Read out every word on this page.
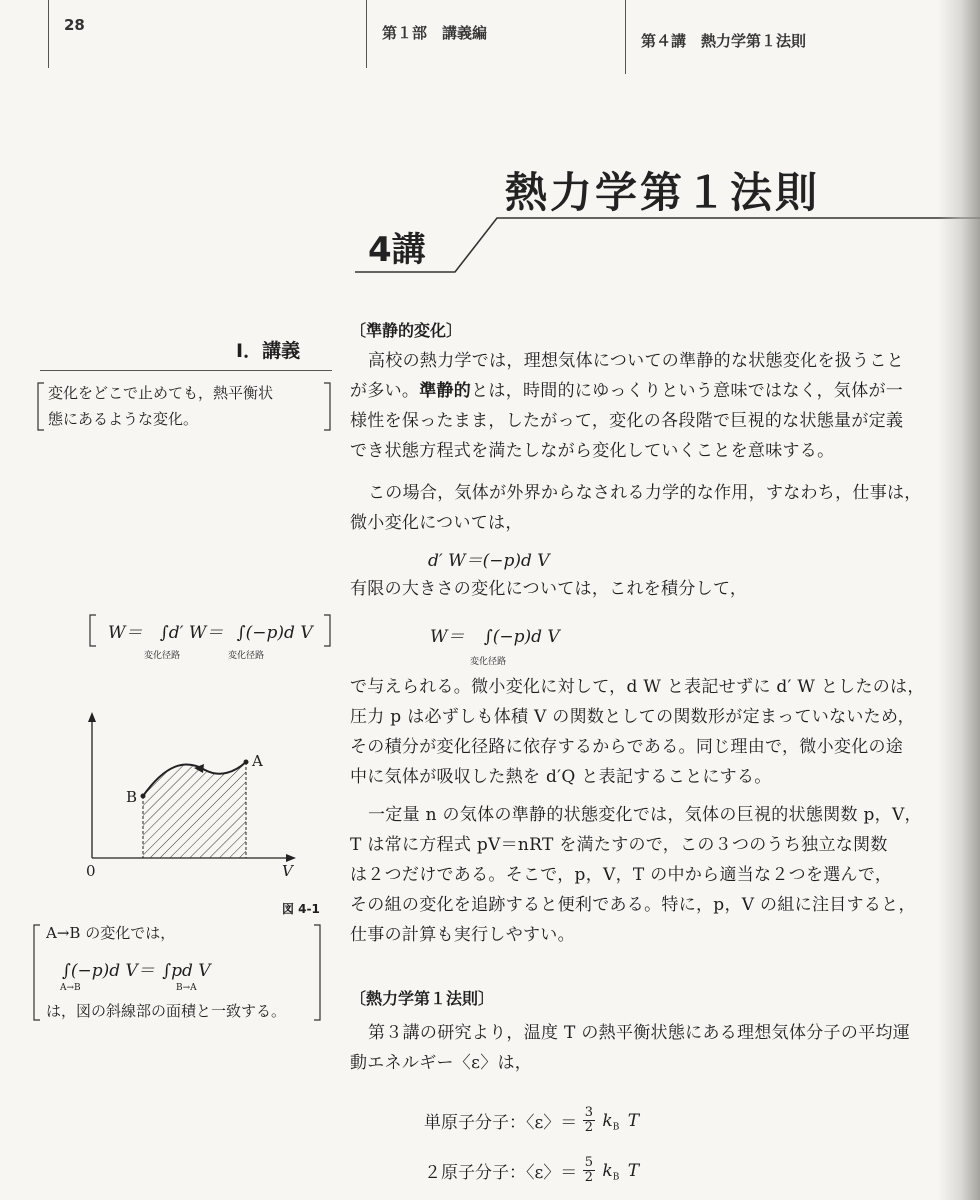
28	第１部　講義編	第４講　熱力学第１法則
熱力学第１法則
4講
Ⅰ．講義
変化をどこで止めても，熱平衡状
態にあるような変化。
W＝ ∫d′ W＝ ∫(−p)d V
変化径路	変化径路
A
B
0	V
図 4-1
A→B の変化では，
∫(−p)d V＝ ∫pd V
A→B	B→A
は，図の斜線部の面積と一致する。
〔準静的変化〕
高校の熱力学では，理想気体についての準静的な状態変化を扱うこと
が多い。準静的とは，時間的にゆっくりという意味ではなく，気体が一
様性を保ったまま，したがって，変化の各段階で巨視的な状態量が定義
でき状態方程式を満たしながら変化していくことを意味する。
この場合，気体が外界からなされる力学的な作用，すなわち，仕事は，
微小変化については，
d′ W＝(−p)d V
有限の大きさの変化については，これを積分して，
W＝ ∫(−p)d V
変化径路
で与えられる。微小変化に対して，d W と表記せずに d′ W としたのは，
圧力 p は必ずしも体積 V の関数としての関数形が定まっていないため，
その積分が変化径路に依存するからである。同じ理由で，微小変化の途
中に気体が吸収した熱を d′Q と表記することにする。
一定量 n の気体の準静的状態変化では，気体の巨視的状態関数 p，V，
T は常に方程式 pV＝nRT を満たすので，この３つのうち独立な関数
は２つだけである。そこで，p，V，T の中から適当な２つを選んで，
その組の変化を追跡すると便利である。特に，p，V の組に注目すると，
仕事の計算も実行しやすい。
〔熱力学第１法則〕
第３講の研究より，温度 T の熱平衡状態にある理想気体分子の平均運
動エネルギー〈ε〉は，
単原子分子：〈ε〉＝ $\frac{3}{2} k_B$ T
２原子分子：〈ε〉＝ $\frac{5}{2} k_B$ T
